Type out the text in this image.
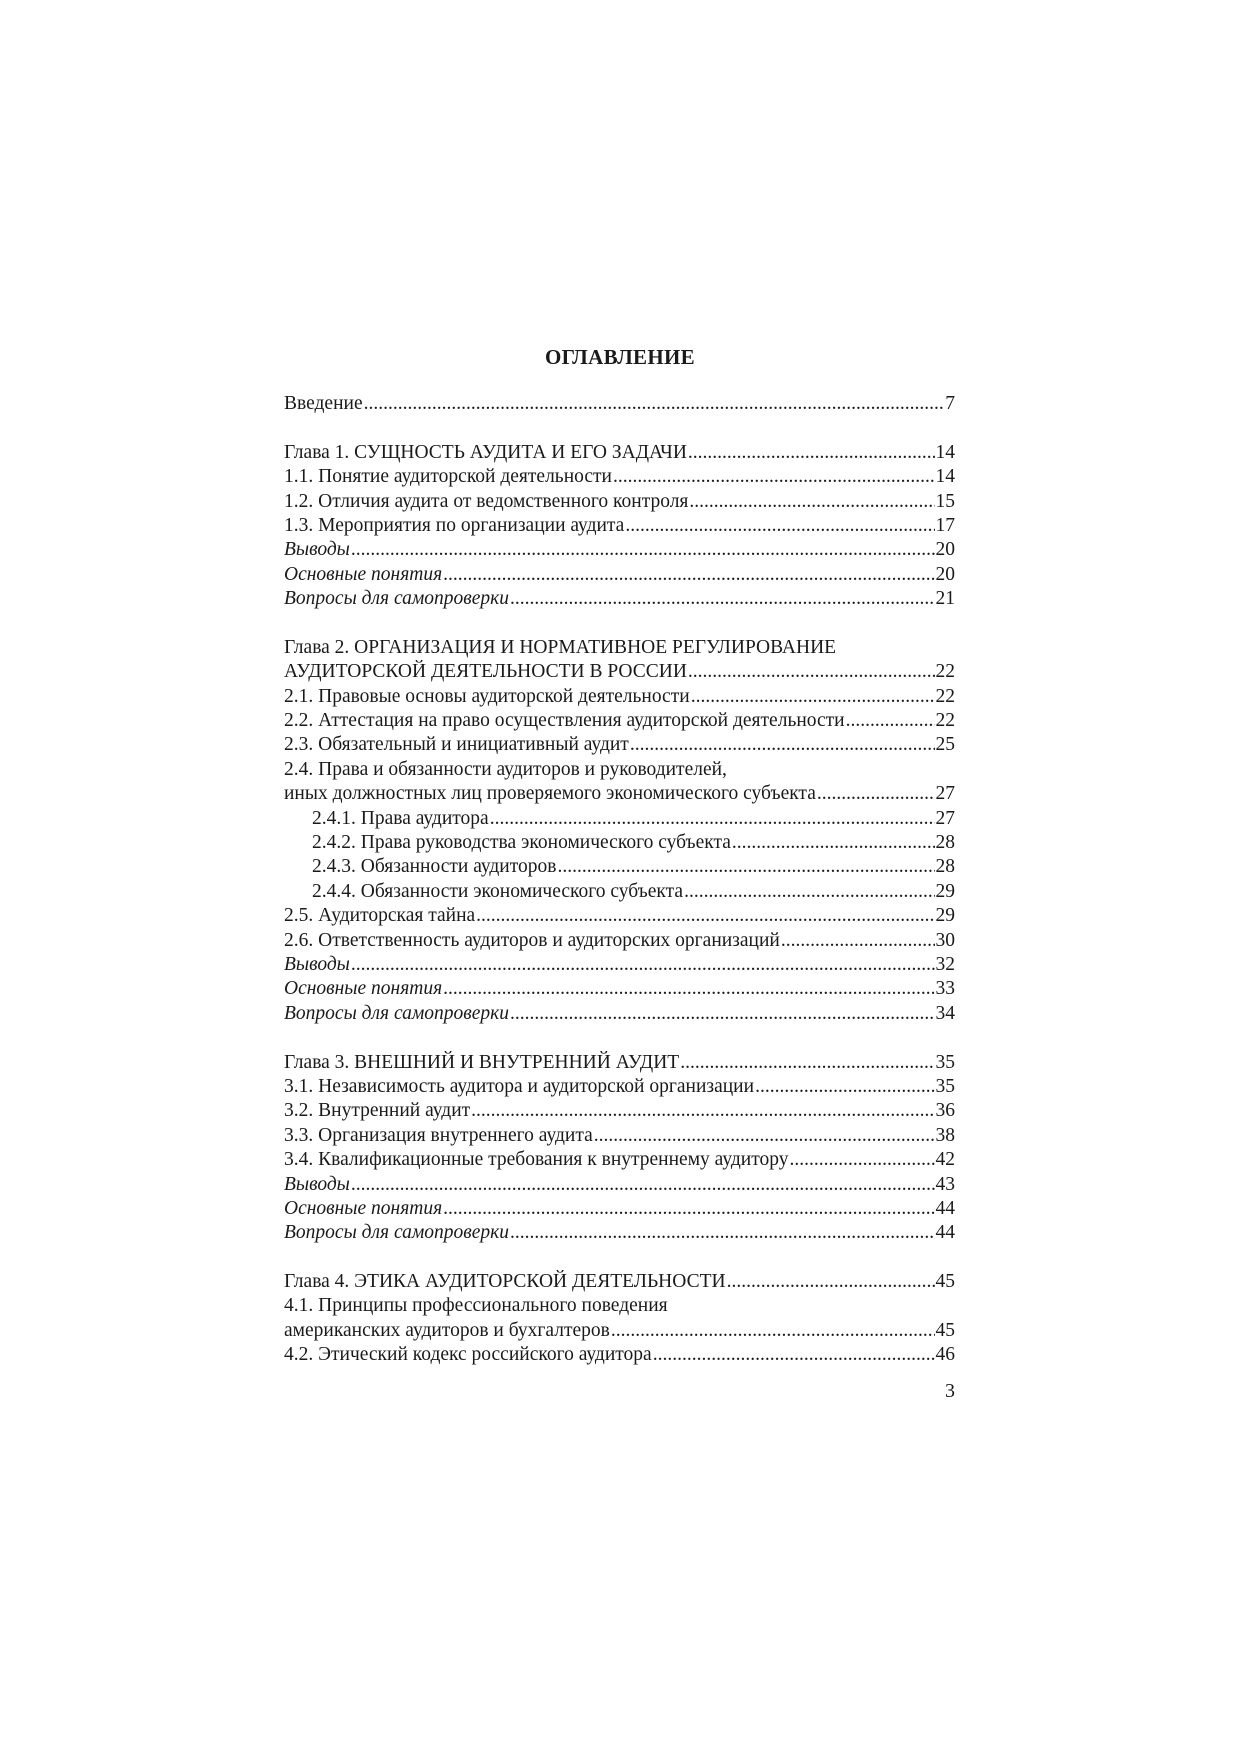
ОГЛАВЛЕНИЕ
Введение .....	7
Глава 1. СУЩНОСТЬ АУДИТА И ЕГО ЗАДАЧИ .....	14
1.1. Понятие аудиторской деятельности .....	14
1.2. Отличия аудита от ведомственного контроля .....	15
1.3. Мероприятия по организации аудита .....	17
Выводы .....	20
Основные понятия .....	20
Вопросы для самопроверки .....	21
Глава 2. ОРГАНИЗАЦИЯ И НОРМАТИВНОЕ РЕГУЛИРОВАНИЕ
АУДИТОРСКОЙ ДЕЯТЕЛЬНОСТИ В РОССИИ .....	22
2.1. Правовые основы аудиторской деятельности .....	22
2.2. Аттестация на право осуществления аудиторской деятельности .....	22
2.3. Обязательный и инициативный аудит .....	25
2.4. Права и обязанности аудиторов и руководителей,
иных должностных лиц проверяемого экономического субъекта .....	27
2.4.1. Права аудитора .....	27
2.4.2. Права руководства экономического субъекта .....	28
2.4.3. Обязанности аудиторов .....	28
2.4.4. Обязанности экономического субъекта .....	29
2.5. Аудиторская тайна .....	29
2.6. Ответственность аудиторов и аудиторских организаций .....	30
Выводы .....	32
Основные понятия .....	33
Вопросы для самопроверки .....	34
Глава 3. ВНЕШНИЙ И ВНУТРЕННИЙ АУДИТ .....	35
3.1. Независимость аудитора и аудиторской организации .....	35
3.2. Внутренний аудит .....	36
3.3. Организация внутреннего аудита .....	38
3.4. Квалификационные требования к внутреннему аудитору .....	42
Выводы .....	43
Основные понятия .....	44
Вопросы для самопроверки .....	44
Глава 4. ЭТИКА АУДИТОРСКОЙ ДЕЯТЕЛЬНОСТИ .....	45
4.1. Принципы профессионального поведения
американских аудиторов и бухгалтеров .....	45
4.2. Этический кодекс российского аудитора .....	46
3
